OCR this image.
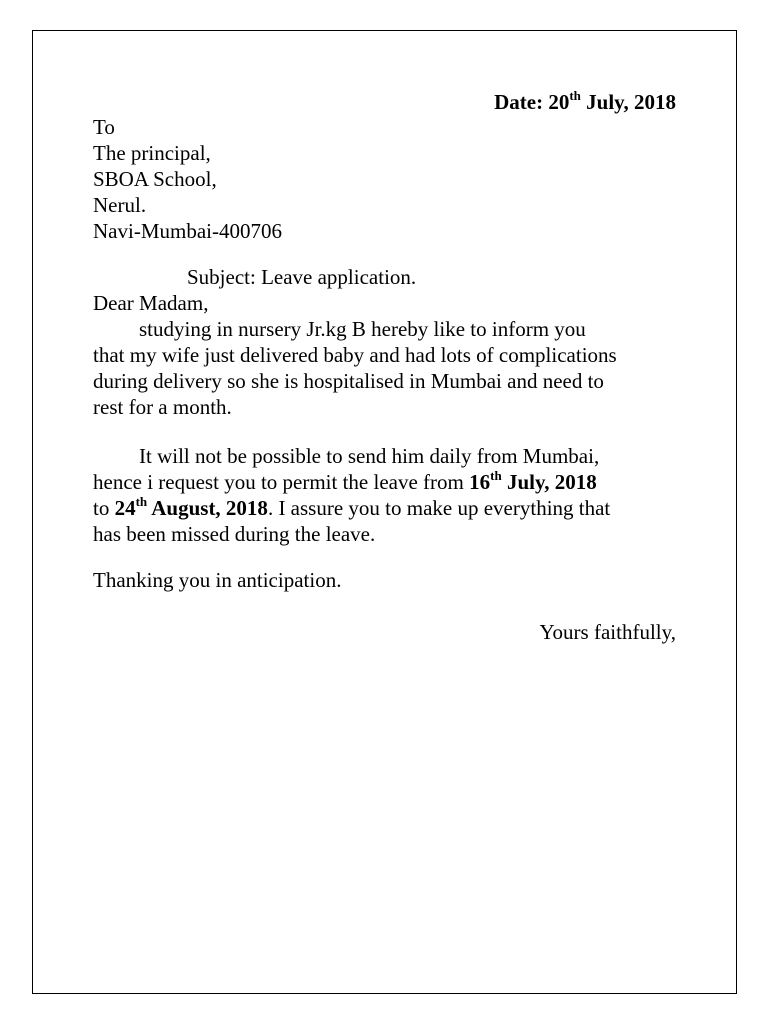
Date: 20th July, 2018
To
The principal,
SBOA School,
Nerul.
Navi-Mumbai-400706
Subject: Leave application.
Dear Madam,
studying in nursery Jr.kg B hereby like to inform you
that my wife just delivered baby and had lots of complications
during delivery so she is hospitalised in Mumbai and need to
rest for a month.
It will not be possible to send him daily from Mumbai,
hence i request you to permit the leave from 16th July, 2018
to 24th August, 2018. I assure you to make up everything that
has been missed during the leave.
Thanking you in anticipation.
Yours faithfully,
